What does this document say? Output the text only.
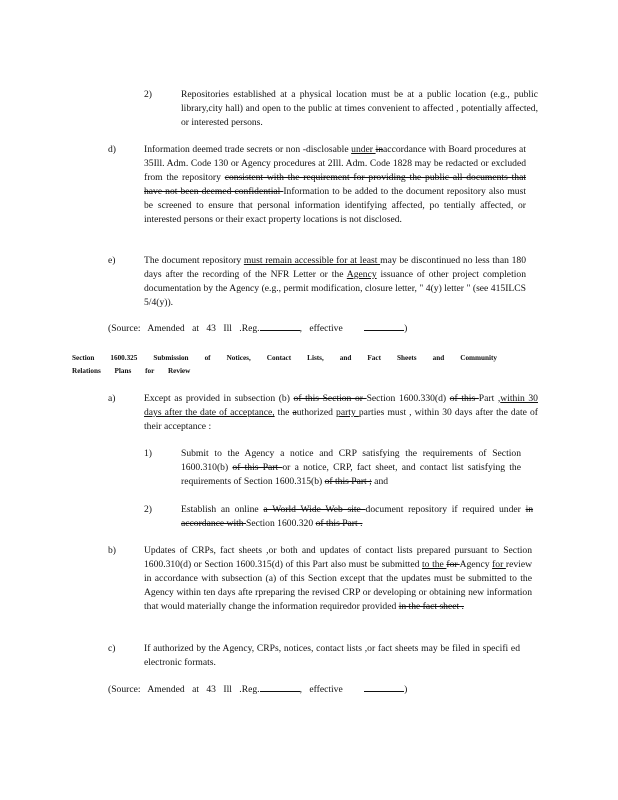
2)	Repositories established at a physical location must be at a public location (e.g., public library,city hall) and open to the public at times convenient to affected , potentially affected, or interested persons.
d)	Information deemed trade secrets or non -disclosable under inaccordance with Board procedures at 35Ill. Adm. Code 130 or Agency procedures at 2Ill. Adm. Code 1828 may be redacted or excluded from the repository consistent with the requirement for providing the public all documents that have not been deemed confidential Information to be added to the document repository also must be screened to ensure that personal information identifying affected, po tentially affected, or interested persons or their exact property locations is not disclosed.
e)	The document repository must remain accessible for at least may be discontinued no less than 180 days after the recording of the NFR Letter or the Agency issuance of other project completion documentation by the Agency (e.g., permit modification, closure letter, " 4(y) letter " (see 415ILCS 5/4(y)).
(Source: Amended at 43 Ill .Reg.	, effective	)
Section 1600.325 Submission of Notices, Contact Lists, and Fact Sheets and Community
Relations Plans for Review
a)	Except as provided in subsection (b) of this Section or Section 1600.330(d) of this Part ,within 30 days after the date of acceptance, the authorized party parties must , within 30 days after the date of their acceptance :
1)	Submit to the Agency a notice and CRP satisfying the requirements of Section 1600.310(b) of this Part or a notice, CRP, fact sheet, and contact list satisfying the requirements of Section 1600.315(b) of this Part ; and
2)	Establish an online a World Wide Web site document repository if required under in accordance with Section 1600.320 of this Part .
b)	Updates of CRPs, fact sheets ,or both and updates of contact lists prepared pursuant to Section 1600.310(d) or Section 1600.315(d) of this Part also must be submitted to the for Agency for review in accordance with subsection (a) of this Section except that the updates must be submitted to the Agency within ten days afte rpreparing the revised CRP or developing or obtaining new information that would materially change the information requiredor provided in the fact sheet .
c)	If authorized by the Agency, CRPs, notices, contact lists ,or fact sheets may be filed in specifi ed electronic formats.
(Source: Amended at 43 Ill .Reg.	, effective	)
